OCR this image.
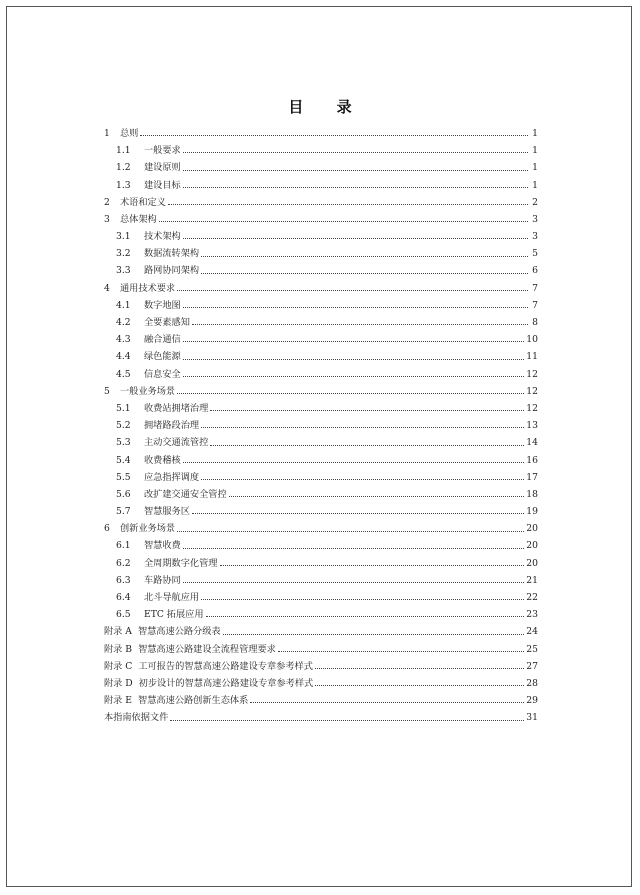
目 录
1	总则	1
1.1	一般要求	1
1.2	建设原则	1
1.3	建设目标	1
2	术语和定义	2
3	总体架构	3
3.1	技术架构	3
3.2	数据流转架构	5
3.3	路网协同架构	6
4	通用技术要求	7
4.1	数字地图	7
4.2	全要素感知	8
4.3	融合通信	10
4.4	绿色能源	11
4.5	信息安全	12
5	一般业务场景	12
5.1	收费站拥堵治理	12
5.2	拥堵路段治理	13
5.3	主动交通流管控	14
5.4	收费稽核	16
5.5	应急指挥调度	17
5.6	改扩建交通安全管控	18
5.7	智慧服务区	19
6	创新业务场景	20
6.1	智慧收费	20
6.2	全周期数字化管理	20
6.3	车路协同	21
6.4	北斗导航应用	22
6.5	ETC 拓展应用	23
附录 A 智慧高速公路分级表	24
附录 B 智慧高速公路建设全流程管理要求	25
附录 C 工可报告的智慧高速公路建设专章参考样式	27
附录 D 初步设计的智慧高速公路建设专章参考样式	28
附录 E 智慧高速公路创新生态体系	29
本指南依据文件	31
